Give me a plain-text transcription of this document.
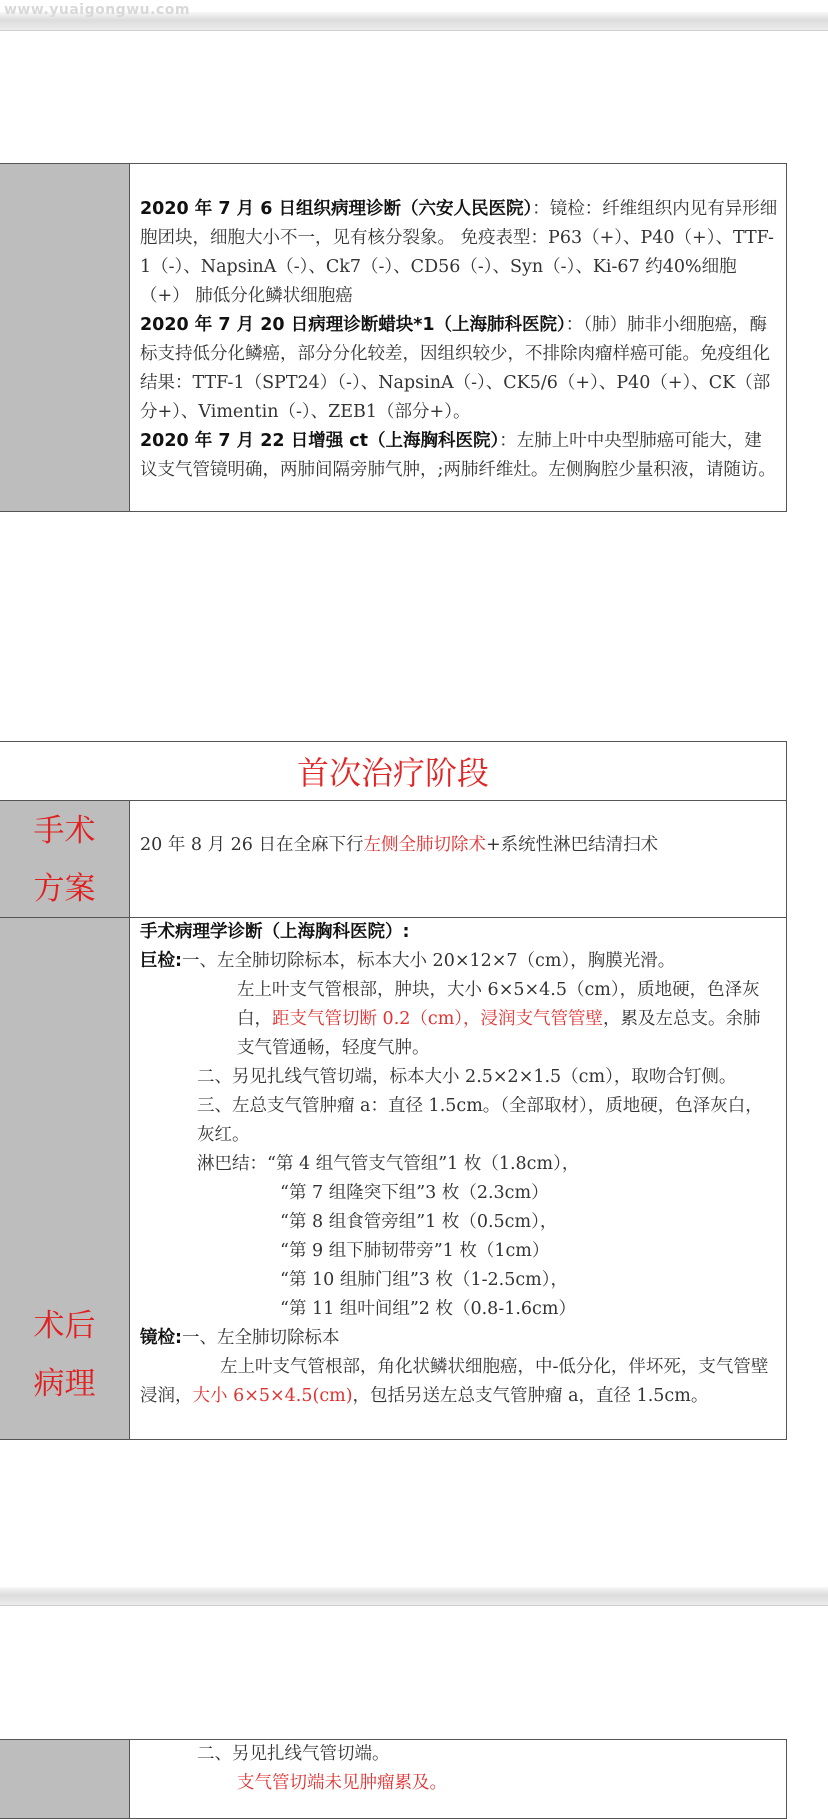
www.yuaigongwu.com

2020 年 7 月 6 日组织病理诊断（六安人民医院）：镜检：纤维组织内见有异形细胞团块，细胞大小不一，见有核分裂象。 免疫表型：P63（+）、P40（+）、TTF-1（-）、NapsinA（-）、Ck7（-）、CD56（-）、Syn（-）、Ki-67 约40%细胞（+） 肺低分化鳞状细胞癌

2020 年 7 月 20 日病理诊断蜡块*1（上海肺科医院）：（肺）肺非小细胞癌，酶标支持低分化鳞癌，部分分化较差，因组织较少，不排除肉瘤样癌可能。免疫组化结果：TTF-1（SPT24）（-）、NapsinA（-）、CK5/6（+）、P40（+）、CK（部分+）、Vimentin（-）、ZEB1（部分+）。

2020 年 7 月 22 日增强 ct（上海胸科医院）：左肺上叶中央型肺癌可能大，建议支气管镜明确，两肺间隔旁肺气肿，;两肺纤维灶。左侧胸腔少量积液，请随访。

首次治疗阶段
手术
方案

20 年 8 月 26 日在全麻下行左侧全肺切除术+系统性淋巴结清扫术

术后
病理

手术病理学诊断（上海胸科医院）:

巨检:一、左全肺切除标本，标本大小 20×12×7（cm），胸膜光滑。

左上叶支气管根部，肿块，大小 6×5×4.5（cm），质地硬，色泽灰白，距支气管切断 0.2（cm），浸润支气管管壁，累及左总支。余肺支气管通畅，轻度气肿。

二、另见扎线气管切端，标本大小 2.5×2×1.5（cm），取吻合钉侧。

三、左总支气管肿瘤 a：直径 1.5cm。（全部取材），质地硬，色泽灰白，灰红。

淋巴结：“第 4 组气管支气管组”1 枚（1.8cm），

“第 7 组隆突下组”3 枚（2.3cm）

“第 8 组食管旁组”1 枚（0.5cm），

“第 9 组下肺韧带旁”1 枚（1cm）

“第 10 组肺门组”3 枚（1-2.5cm），

“第 11 组叶间组”2 枚（0.8-1.6cm）

镜检:一、左全肺切除标本

左上叶支气管根部，角化状鳞状细胞癌，中-低分化，伴坏死，支气管壁浸润，大小 6×5×4.5(cm)，包括另送左总支气管肿瘤 a，直径 1.5cm。

二、另见扎线气管切端。

支气管切端未见肿瘤累及。
